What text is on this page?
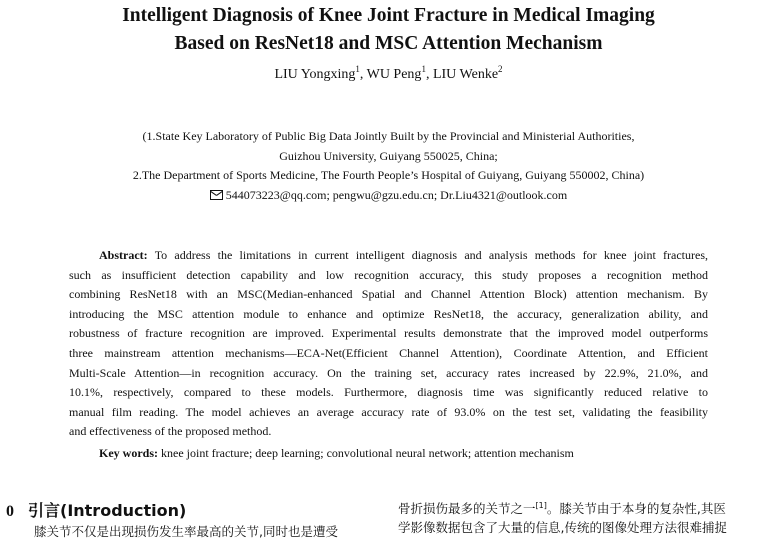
Intelligent Diagnosis of Knee Joint Fracture in Medical Imaging
Based on ResNet18 and MSC Attention Mechanism
LIU Yongxing$^1$, WU Peng$^1$, LIU Wenke$^2$
(1.State Key Laboratory of Public Big Data Jointly Built by the Provincial and Ministerial Authorities,
Guizhou University, Guiyang 550025, China;
2.The Department of Sports Medicine, The Fourth People’s Hospital of Guiyang, Guiyang 550002, China)
544073223@qq.com; pengwu@gzu.edu.cn; Dr.Liu4321@outlook.com
Abstract: To address the limitations in current intelligent diagnosis and analysis methods for knee joint fractures,
such as insufficient detection capability and low recognition accuracy, this study proposes a recognition method
combining ResNet18 with an MSC(Median-enhanced Spatial and Channel Attention Block) attention mechanism. By
introducing the MSC attention module to enhance and optimize ResNet18, the accuracy, generalization ability, and
robustness of fracture recognition are improved. Experimental results demonstrate that the improved model outperforms
three mainstream attention mechanisms—ECA-Net(Efficient Channel Attention), Coordinate Attention, and Efficient
Multi-Scale Attention—in recognition accuracy. On the training set, accuracy rates increased by 22.9%, 21.0%, and
10.1%, respectively, compared to these models. Furthermore, diagnosis time was significantly reduced relative to
manual film reading. The model achieves an average accuracy rate of 93.0% on the test set, validating the feasibility
and effectiveness of the proposed method.
Key words: knee joint fracture; deep learning; convolutional neural network; attention mechanism
0 引言(Introduction)
膝关节不仅是出现损伤发生率最高的关节,同时也是遭受
骨折损伤最多的关节之一[1]。膝关节由于本身的复杂性,其医
学影像数据包含了大量的信息,传统的图像处理方法很难捕捉
